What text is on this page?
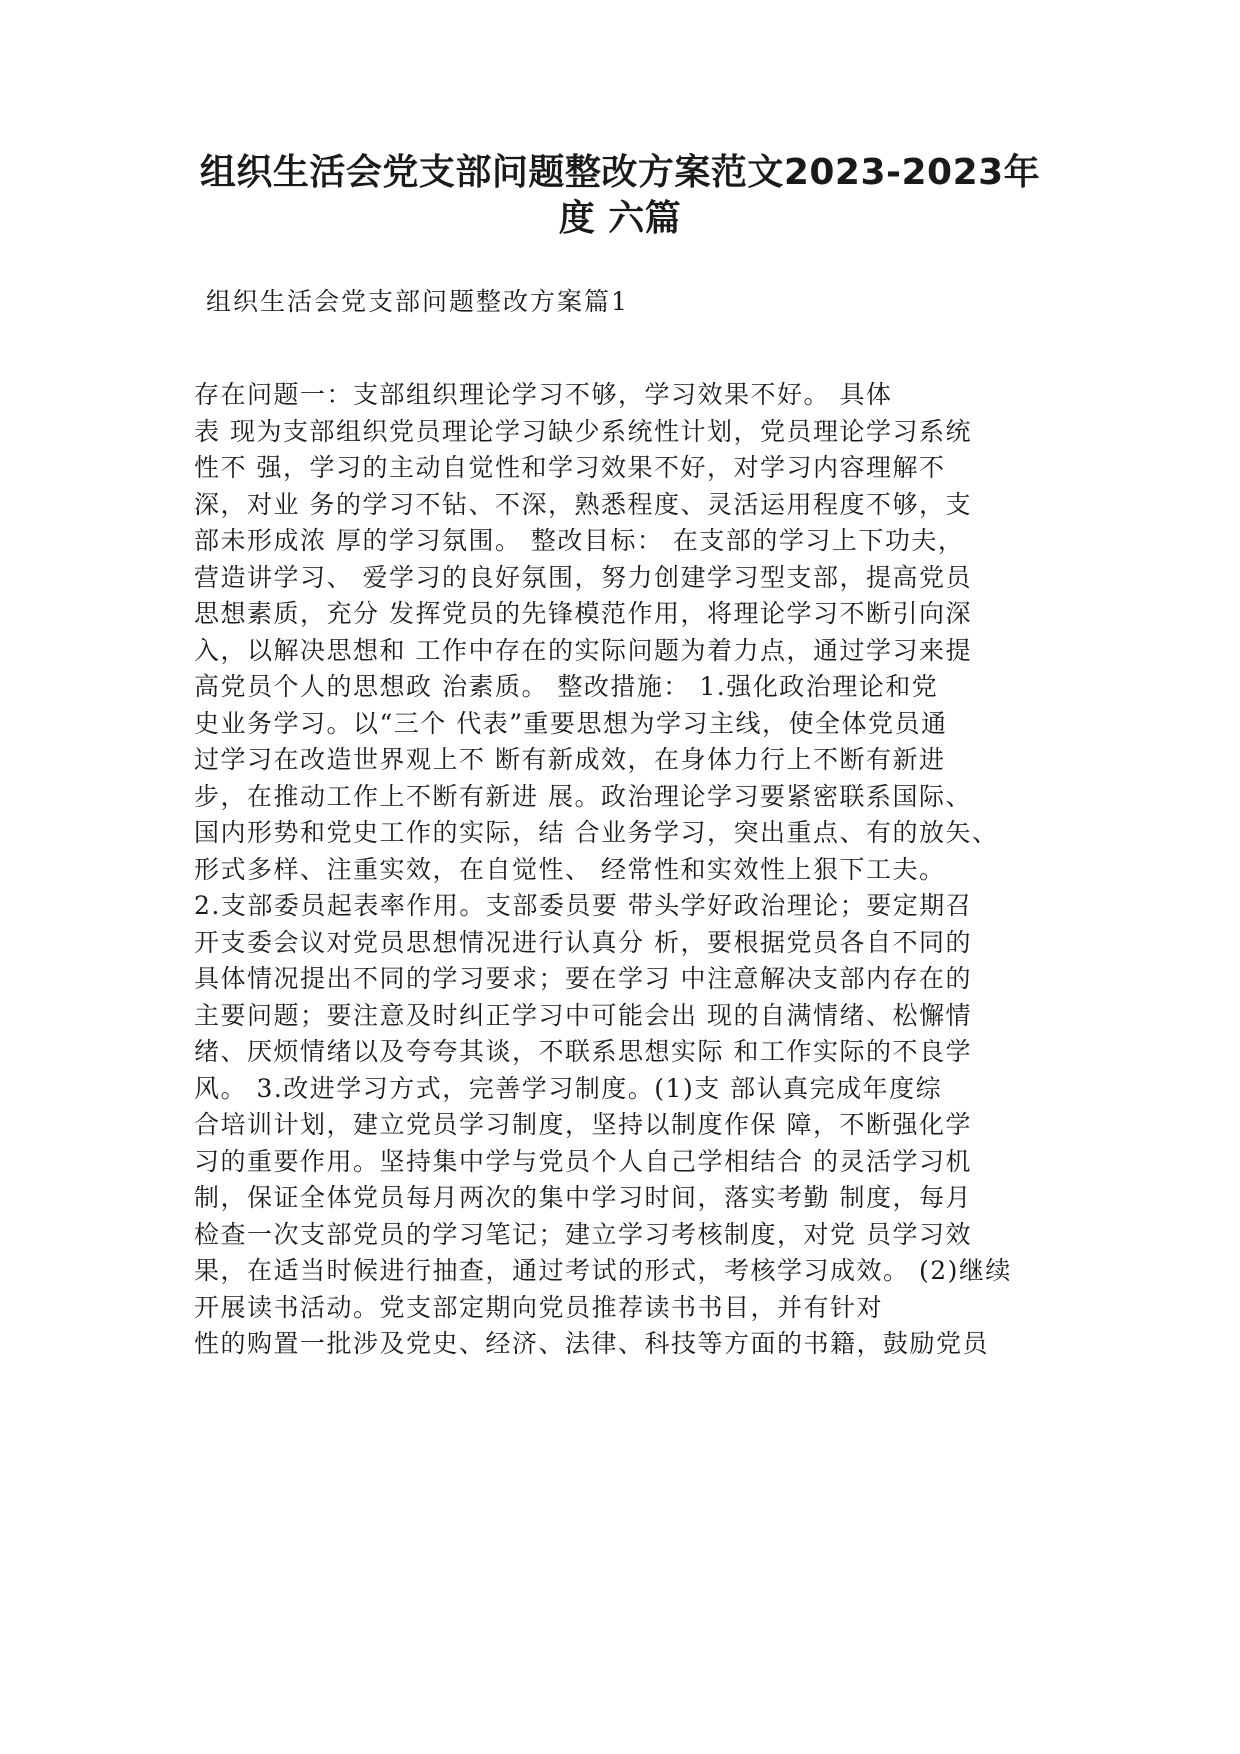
组织生活会党支部问题整改方案范文2023-2023年
度 六篇

组织生活会党支部问题整改方案篇1

存在问题一：支部组织理论学习不够，学习效果不好。 具体
表 现为支部组织党员理论学习缺少系统性计划，党员理论学习系统
性不 强，学习的主动自觉性和学习效果不好，对学习内容理解不
深，对业 务的学习不钻、不深，熟悉程度、灵活运用程度不够，支
部未形成浓 厚的学习氛围。 整改目标： 在支部的学习上下功夫，
营造讲学习、 爱学习的良好氛围，努力创建学习型支部，提高党员
思想素质，充分 发挥党员的先锋模范作用，将理论学习不断引向深
入，以解决思想和 工作中存在的实际问题为着力点，通过学习来提
高党员个人的思想政 治素质。 整改措施： 1.强化政治理论和党
史业务学习。以“三个 代表”重要思想为学习主线，使全体党员通
过学习在改造世界观上不 断有新成效，在身体力行上不断有新进
步，在推动工作上不断有新进 展。政治理论学习要紧密联系国际、
国内形势和党史工作的实际，结 合业务学习，突出重点、有的放矢、
形式多样、注重实效，在自觉性、 经常性和实效性上狠下工夫。
2.支部委员起表率作用。支部委员要 带头学好政治理论；要定期召
开支委会议对党员思想情况进行认真分 析，要根据党员各自不同的
具体情况提出不同的学习要求；要在学习 中注意解决支部内存在的
主要问题；要注意及时纠正学习中可能会出 现的自满情绪、松懈情
绪、厌烦情绪以及夸夸其谈，不联系思想实际 和工作实际的不良学
风。 3.改进学习方式，完善学习制度。(1)支 部认真完成年度综
合培训计划，建立党员学习制度，坚持以制度作保 障，不断强化学
习的重要作用。坚持集中学与党员个人自己学相结合 的灵活学习机
制，保证全体党员每月两次的集中学习时间，落实考勤 制度，每月
检查一次支部党员的学习笔记；建立学习考核制度，对党 员学习效
果，在适当时候进行抽查，通过考试的形式，考核学习成效。 (2)继续
开展读书活动。党支部定期向党员推荐读书书目，并有针对
性的购置一批涉及党史、经济、法律、科技等方面的书籍，鼓励党员
